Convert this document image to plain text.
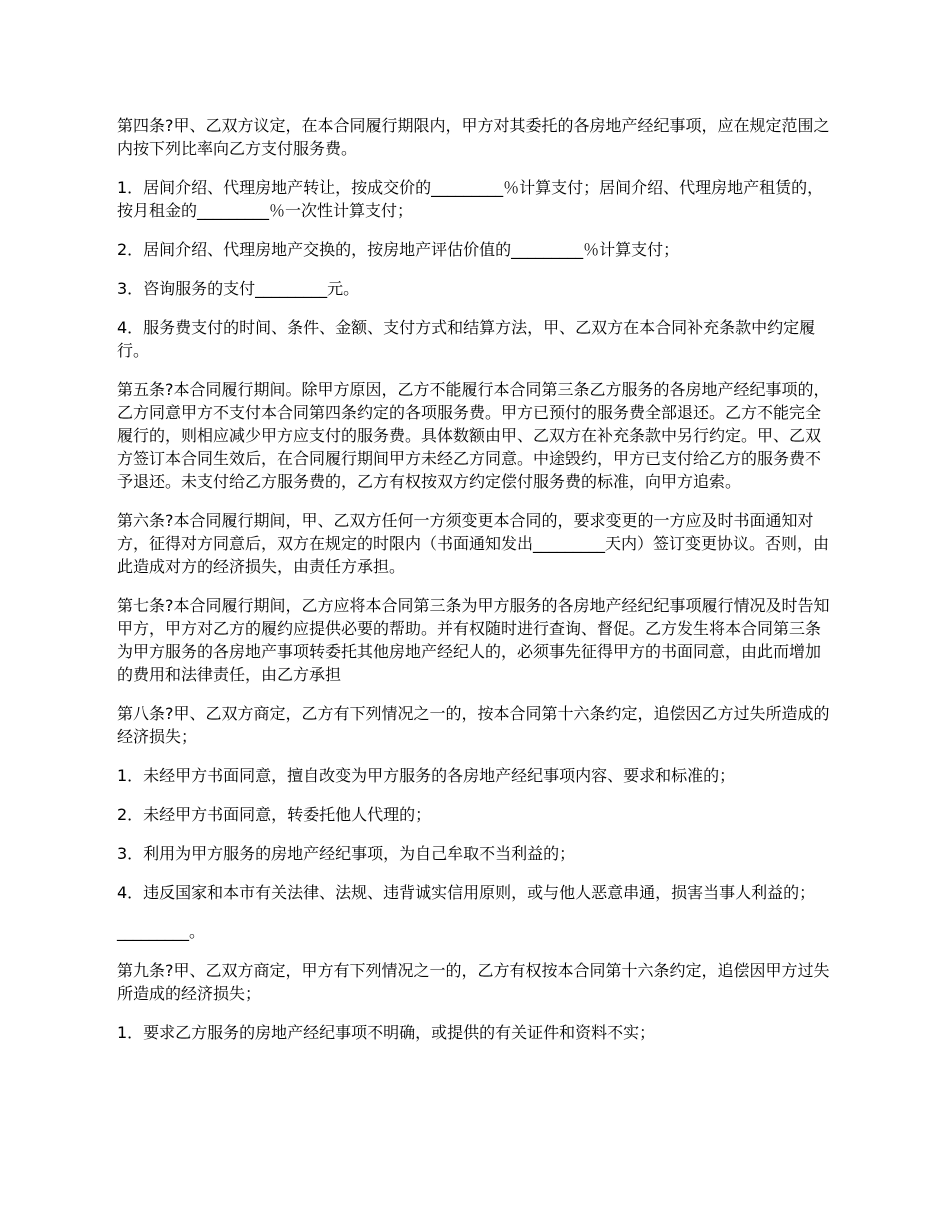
第四条?甲、乙双方议定，在本合同履行期限内，甲方对其委托的各房地产经纪事项，应在规定范围之内按下列比率向乙方支付服务费。

1．居间介绍、代理房地产转让，按成交价的_________％计算支付；居间介绍、代理房地产租赁的，按月租金的_________％一次性计算支付；

2．居间介绍、代理房地产交换的，按房地产评估价值的_________％计算支付；

3．咨询服务的支付_________元。

4．服务费支付的时间、条件、金额、支付方式和结算方法，甲、乙双方在本合同补充条款中约定履行。

第五条?本合同履行期间。除甲方原因，乙方不能履行本合同第三条乙方服务的各房地产经纪事项的，乙方同意甲方不支付本合同第四条约定的各项服务费。甲方已预付的服务费全部退还。乙方不能完全履行的，则相应减少甲方应支付的服务费。具体数额由甲、乙双方在补充条款中另行约定。甲、乙双方签订本合同生效后，在合同履行期间甲方未经乙方同意。中途毁约，甲方已支付给乙方的服务费不予退还。未支付给乙方服务费的，乙方有权按双方约定偿付服务费的标准，向甲方追索。

第六条?本合同履行期间，甲、乙双方任何一方须变更本合同的，要求变更的一方应及时书面通知对方，征得对方同意后，双方在规定的时限内（书面通知发出_________天内）签订变更协议。否则，由此造成对方的经济损失，由责任方承担。

第七条?本合同履行期间，乙方应将本合同第三条为甲方服务的各房地产经纪纪事项履行情况及时告知甲方，甲方对乙方的履约应提供必要的帮助。并有权随时进行查询、督促。乙方发生将本合同第三条为甲方服务的各房地产事项转委托其他房地产经纪人的，必须事先征得甲方的书面同意，由此而增加的费用和法律责任，由乙方承担

第八条?甲、乙双方商定，乙方有下列情况之一的，按本合同第十六条约定，追偿因乙方过失所造成的经济损失；

1．未经甲方书面同意，擅自改变为甲方服务的各房地产经纪事项内容、要求和标准的；

2．未经甲方书面同意，转委托他人代理的；

3．利用为甲方服务的房地产经纪事项，为自己牟取不当利益的；

4．违反国家和本市有关法律、法规、违背诚实信用原则，或与他人恶意串通，损害当事人利益的；

_________。

第九条?甲、乙双方商定，甲方有下列情况之一的，乙方有权按本合同第十六条约定，追偿因甲方过失所造成的经济损失；

1．要求乙方服务的房地产经纪事项不明确，或提供的有关证件和资料不实；
